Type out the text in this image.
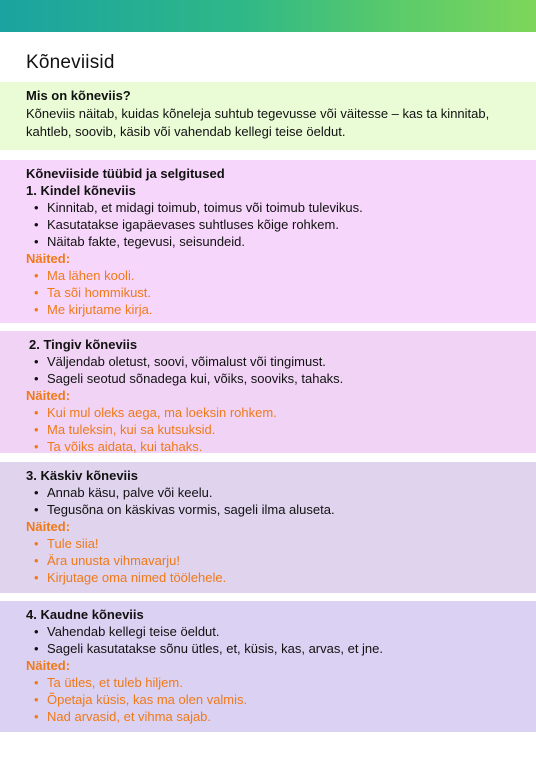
Kõneviisid
Mis on kõneviis?
Kõneviis näitab, kuidas kõneleja suhtub tegevusse või väitesse – kas ta kinnitab, kahtleb, soovib, käsib või vahendab kellegi teise öeldut.
Kõneviiside tüübid ja selgitused
1. Kindel kõneviis
• Kinnitab, et midagi toimub, toimus või toimub tulevikus.
• Kasutatakse igapäevases suhtluses kõige rohkem.
• Näitab fakte, tegevusi, seisundeid.
Näited:
• Ma lähen kooli.
• Ta sõi hommikust.
• Me kirjutame kirja.
2. Tingiv kõneviis
• Väljendab oletust, soovi, võimalust või tingimust.
• Sageli seotud sõnadega kui, võiks, sooviks, tahaks.
Näited:
• Kui mul oleks aega, ma loeksin rohkem.
• Ma tuleksin, kui sa kutsuksid.
• Ta võiks aidata, kui tahaks.
3. Käskiv kõneviis
• Annab käsu, palve või keelu.
• Tegusõna on käskivas vormis, sageli ilma aluseta.
Näited:
• Tule siia!
• Ära unusta vihmavarju!
• Kirjutage oma nimed töölehele.
4. Kaudne kõneviis
• Vahendab kellegi teise öeldut.
• Sageli kasutatakse sõnu ütles, et, küsis, kas, arvas, et jne.
Näited:
• Ta ütles, et tuleb hiljem.
• Õpetaja küsis, kas ma olen valmis.
• Nad arvasid, et vihma sajab.
